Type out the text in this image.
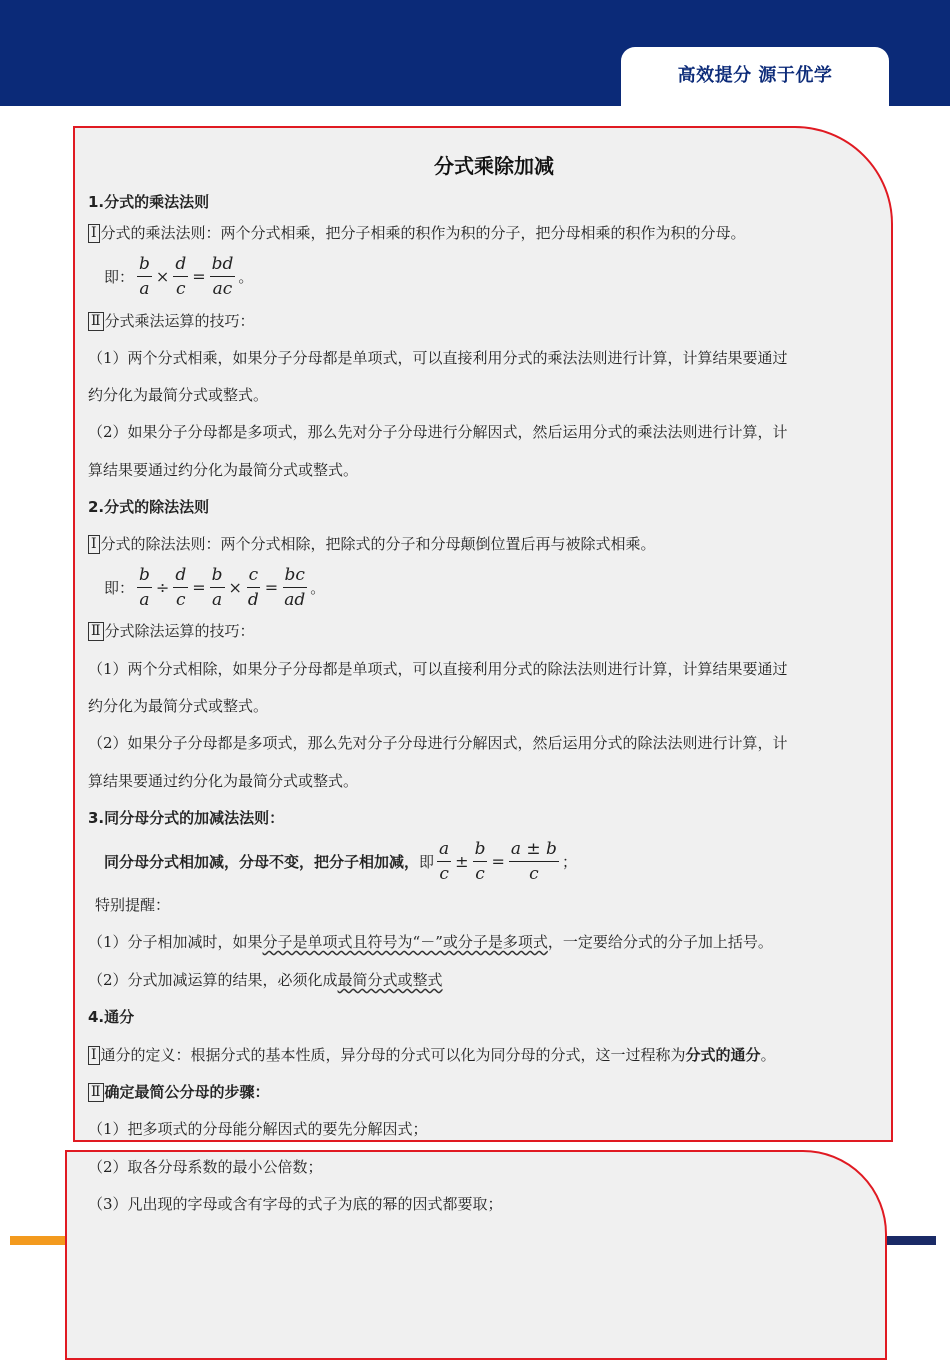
高效提分 源于优学
分式乘除加减
1.分式的乘法法则
Ⅰ 分式的乘法法则：两个分式相乘，把分子相乘的积作为积的分子，把分母相乘的积作为积的分母。
即： $\frac{b}{a} \times \frac{d}{c} = \frac{bd}{ac}$ 。
Ⅱ 分式乘法运算的技巧：
（1）两个分式相乘，如果分子分母都是单项式，可以直接利用分式的乘法法则进行计算，计算结果要通过
约分化为最简分式或整式。
（2）如果分子分母都是多项式，那么先对分子分母进行分解因式，然后运用分式的乘法法则进行计算，计
算结果要通过约分化为最简分式或整式。
2.分式的除法法则
Ⅰ 分式的除法法则：两个分式相除，把除式的分子和分母颠倒位置后再与被除式相乘。
即： $\frac{b}{a} \div \frac{d}{c} = \frac{b}{a} \times \frac{c}{d} = \frac{bc}{ad}$ 。
Ⅱ 分式除法运算的技巧：
（1）两个分式相除，如果分子分母都是单项式，可以直接利用分式的除法法则进行计算，计算结果要通过
约分化为最简分式或整式。
（2）如果分子分母都是多项式，那么先对分子分母进行分解因式，然后运用分式的除法法则进行计算，计
算结果要通过约分化为最简分式或整式。
3.同分母分式的加减法法则：
同分母分式相加减，分母不变，把分子相加减， 即 $\frac{a}{c} \pm \frac{b}{c} = \frac{a \pm b}{c}$ ；
特别提醒：
（1）分子相加减时，如果分子是单项式且符号为“－”或分子是多项式，一定要给分式的分子加上括号。
（2）分式加减运算的结果，必须化成最简分式或整式
4.通分
Ⅰ 通分的定义：根据分式的基本性质，异分母的分式可以化为同分母的分式，这一过程称为分式的通分。
Ⅱ 确定最简公分母的步骤：
（1）把多项式的分母能分解因式的要先分解因式；
（2）取各分母系数的最小公倍数；
（3）凡出现的字母或含有字母的式子为底的幂的因式都要取；
